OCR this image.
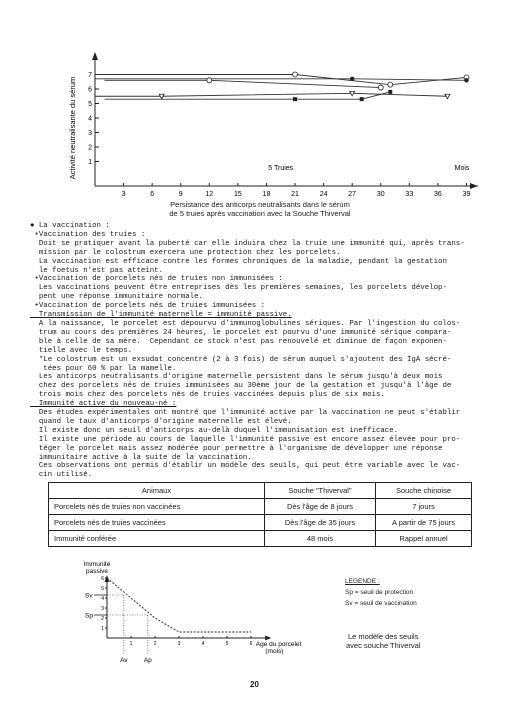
1
2
3
4
5
6
7
3	6	9	12	15	18	21	24	27	30	33	36	39
Activité neutralisante du sérum	Mois
5 Truies
Persistance des anticorps neutralisants dans le sérum
de 5 truies après vaccination avec la Souche Thiverval
● La vaccination :
•Vaccination des truies :
Doit se pratiquer avant la puberté car elle induira chez la truie une immunité qui, après trans-
mission par le colostrum exercera une protection chez les porcelets.
La vaccination est efficace contre les formes chroniques de la maladie, pendant la gestation
le foetus n'est pas atteint.
•Vaccination de porcelets nés de truies non immunisées :
Les vaccinations peuvent être entreprises dès les premières semaines, les porcelets dévelop-
pent une réponse immunitaire normale.
•Vaccination de porcelets nés de truies immunisées :
Transmission de l'immunité maternelle = immunité passive.
A la naissance, le porcelet est dépourvu d'immunoglobulines sériques. Par l'ingestion du colos-
trum au cours des premières 24 heures, le porcelet est pourvu d'une immunité sérique compara-
ble à celle de sa mère.  Cependant ce stock n'est pas renouvelé et diminue de façon exponen-
tielle avec le temps.
*Le colostrum est un exsudat concentré (2 à 3 fois) de sérum auquel s'ajoutent des IgA sécré-
tées pour 60 % par la mamelle.
Les anticorps neutralisants d'origine maternelle persistent dans le sérum jusqu'à deux mois
chez des porcelets nés de truies immunisées au 30ème jour de la gestation et jusqu'à l'âge de
trois mois chez des porcelets nés de truies vaccinées depuis plus de six mois.
Immunité active du nouveau-né :
Des études expérimentales ont montré que l'immunité active par la vaccination ne peut s'établir
quand le taux d'anticorps d'origine maternelle est élevé.
Il existe donc un seuil d'anticorps au-delà duquel l'immunisation est inefficace.
Il existe une période au cours de laquelle l'immunité passive est encore assez élevée pour pro-
téger le porcelet mais assez modérée pour permettre à l'organisme de développer une réponse
immunitaire active à la suite de la vaccination.
Ces observations ont permis d'établir un modèle des seuils, qui peut être variable avec le vac-
cin utilisé.
Animaux	Souche "Thiverval"	Souche chinoise
Porcelets nés de truies non vaccinées	Dès l'âge de 8 jours	7 jours
Porcelets nés de truies vaccinées	Dès l'âge de 35 jours	A partir de 75 jours
Immunité conférée	48 mois	Rappel annuel
Immunité
passive
1
2
3
4
5
6
1	2	3	4	5	6
Sv
Sp
Av	Ap
Age du porcelet
(mois)
LEGENDE :
Sp = seuil de protection
Sv = seuil de vaccination
Le modèle des seuils
avec souche Thiverval
20
